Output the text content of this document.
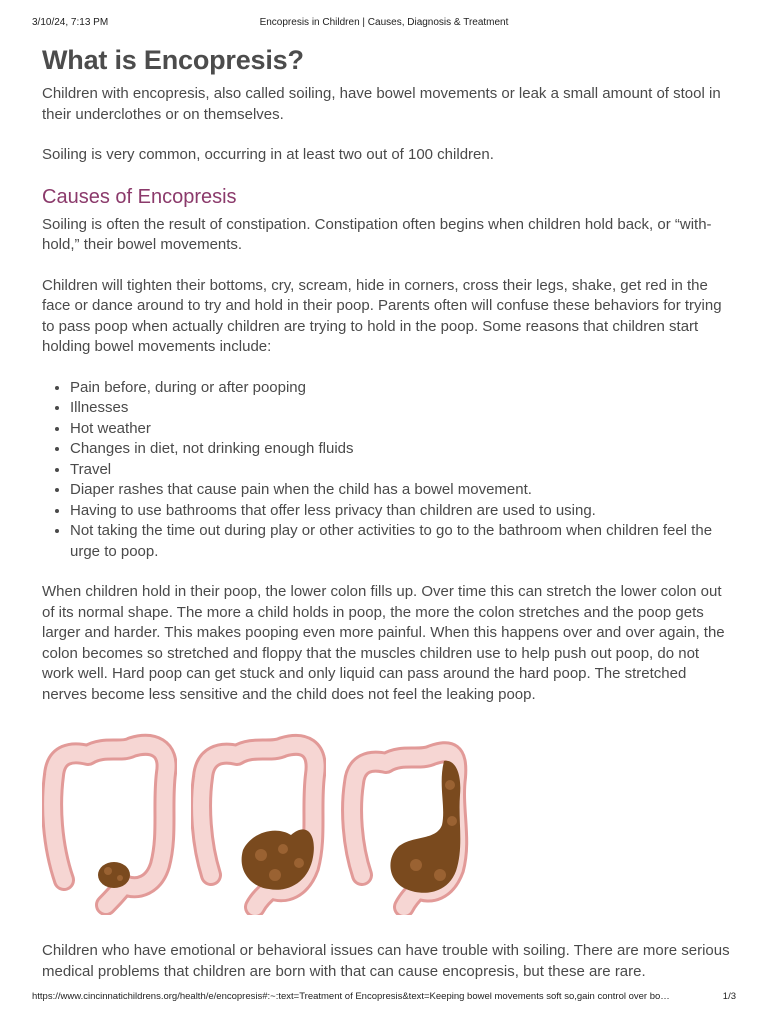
3/10/24, 7:13 PM	Encopresis in Children | Causes, Diagnosis & Treatment
What is Encopresis?

Children with encopresis, also called soiling, have bowel movements or leak a small amount of stool in their underclothes or on themselves.

Soiling is very common, occurring in at least two out of 100 children.

Causes of Encopresis

Soiling is often the result of constipation. Constipation often begins when children hold back, or “with-hold,” their bowel movements.

Children will tighten their bottoms, cry, scream, hide in corners, cross their legs, shake, get red in the face or dance around to try and hold in their poop. Parents often will confuse these behaviors for trying to pass poop when actually children are trying to hold in the poop. Some reasons that children start holding bowel movements include:

• Pain before, during or after pooping
• Illnesses
• Hot weather
• Changes in diet, not drinking enough fluids
• Travel
• Diaper rashes that cause pain when the child has a bowel movement.
• Having to use bathrooms that offer less privacy than children are used to using.
• Not taking the time out during play or other activities to go to the bathroom when children feel the urge to poop.

When children hold in their poop, the lower colon fills up. Over time this can stretch the lower colon out of its normal shape. The more a child holds in poop, the more the colon stretches and the poop gets larger and harder. This makes pooping even more painful. When this happens over and over again, the colon becomes so stretched and floppy that the muscles children use to help push out poop, do not work well. Hard poop can get stuck and only liquid can pass around the hard poop. The stretched nerves become less sensitive and the child does not feel the leaking poop.

Children who have emotional or behavioral issues can have trouble with soiling. There are more serious medical problems that children are born with that can cause encopresis, but these are rare.

https://www.cincinnatichildrens.org/health/e/encopresis#:~:text=Treatment of Encopresis&text=Keeping bowel movements soft so,gain control over bo…	1/3
